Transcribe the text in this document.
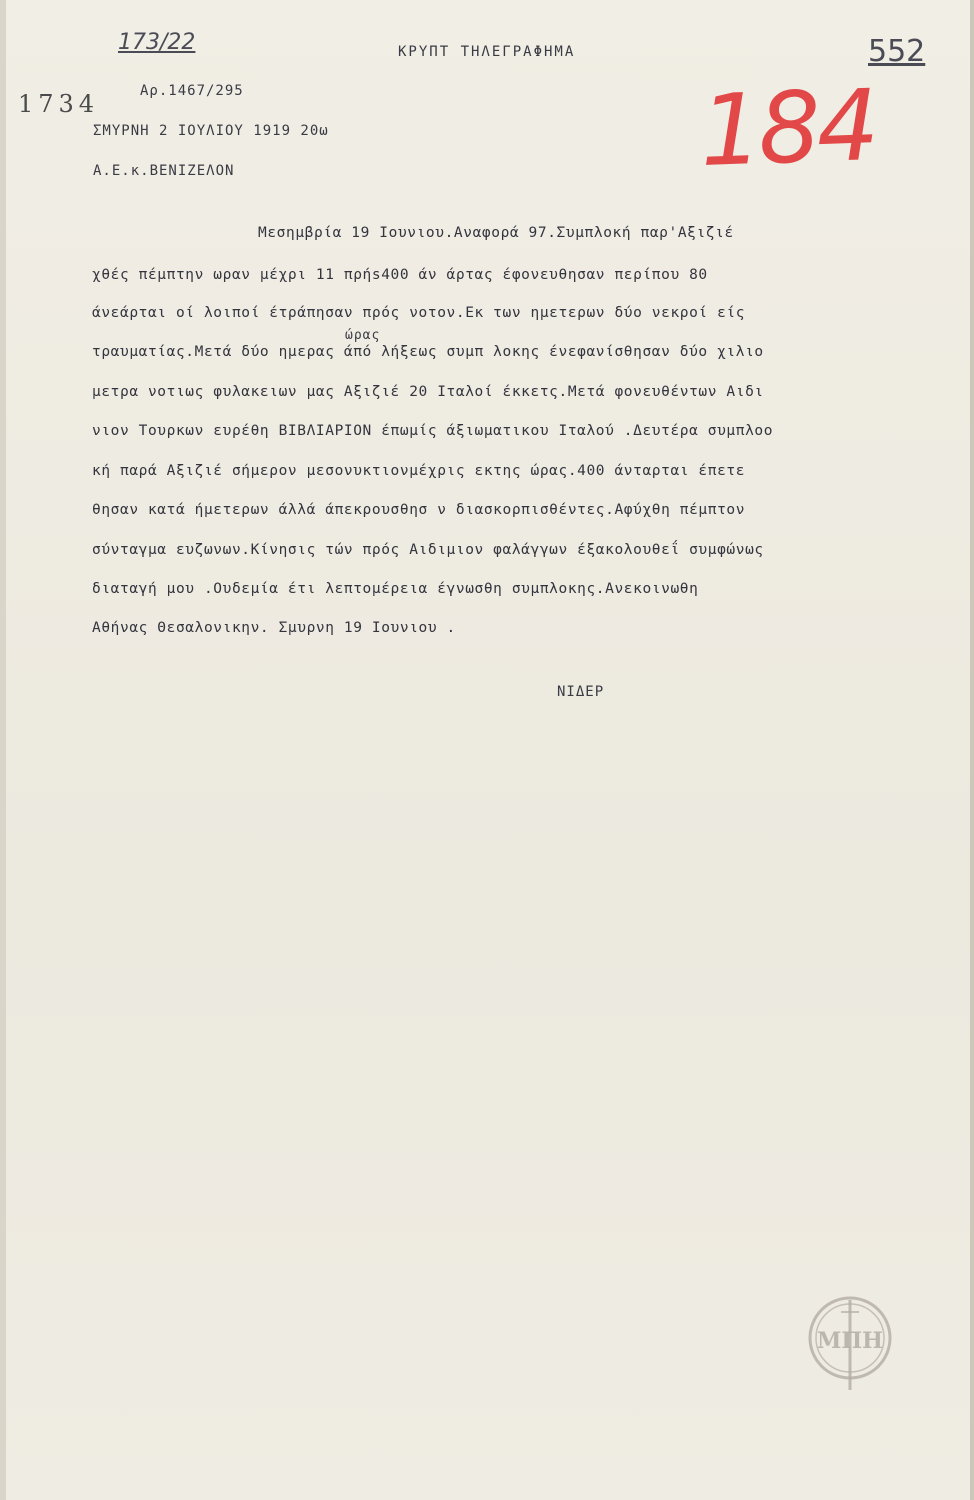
173/22	ΚΡΥΠΤ ΤΗΛΕΓΡΑΦΗΜΑ	552
1734	Αρ.1467/295	184
ΣΜΥΡΝΗ 2 ΙΟΥΛΙΟΥ 1919 20ω
Α.Ε.κ.ΒΕΝΙΖΕΛΟΝ
Μεσημβρία 19 Ιουνιου.Αναφορά 97.Συμπλοκή παρ'Αξιζιέ
χθές πέμπτην ωραν μέχρι 11 πρήs400 άν άρτας έφονευθησαν περίπου 80
άνεάρται οί λοιποί έτράπησαν πρός νοτον.Εκ των ημετερων δύο νεκροί είς
ώρας
τραυματίας.Μετά δύο ημερας άπό λήξεως συμπ λοκης ένεφανίσθησαν δύο χιλιο
μετρα νοτιως φυλακειων μας Αξιζιέ 20 Ιταλοί έκκετς.Μετά φονευθέντων Αιδι
νιον Τουρκων ευρέθη ΒΙΒΛΙΑΡΙΟΝ έπωμίς άξιωματικου Ιταλού .Δευτέρα συμπλοο
κή παρά Αξιζιέ σήμερον μεσονυκτιονμέχρις εκτης ώρας.400 άνταρται έπετε
θησαν κατά ήμετερων άλλά άπεκρουσθησ ν διασκορπισθέντες.Αφύχθη πέμπτον
σύνταγμα ευζωνων.Κίνησις τών πρός Αιδιμιον φαλάγγων έξακολουθεΐ συμφώνως
διαταγή μου .Ουδεμία έτι λεπτομέρεια έγνωσθη συμπλοκης.Ανεκοινωθη
Αθήνας Θεσαλονικην. Σμυρνη 19 Ιουνιου .
ΝΙΔΕΡ
ΜΠΗ
